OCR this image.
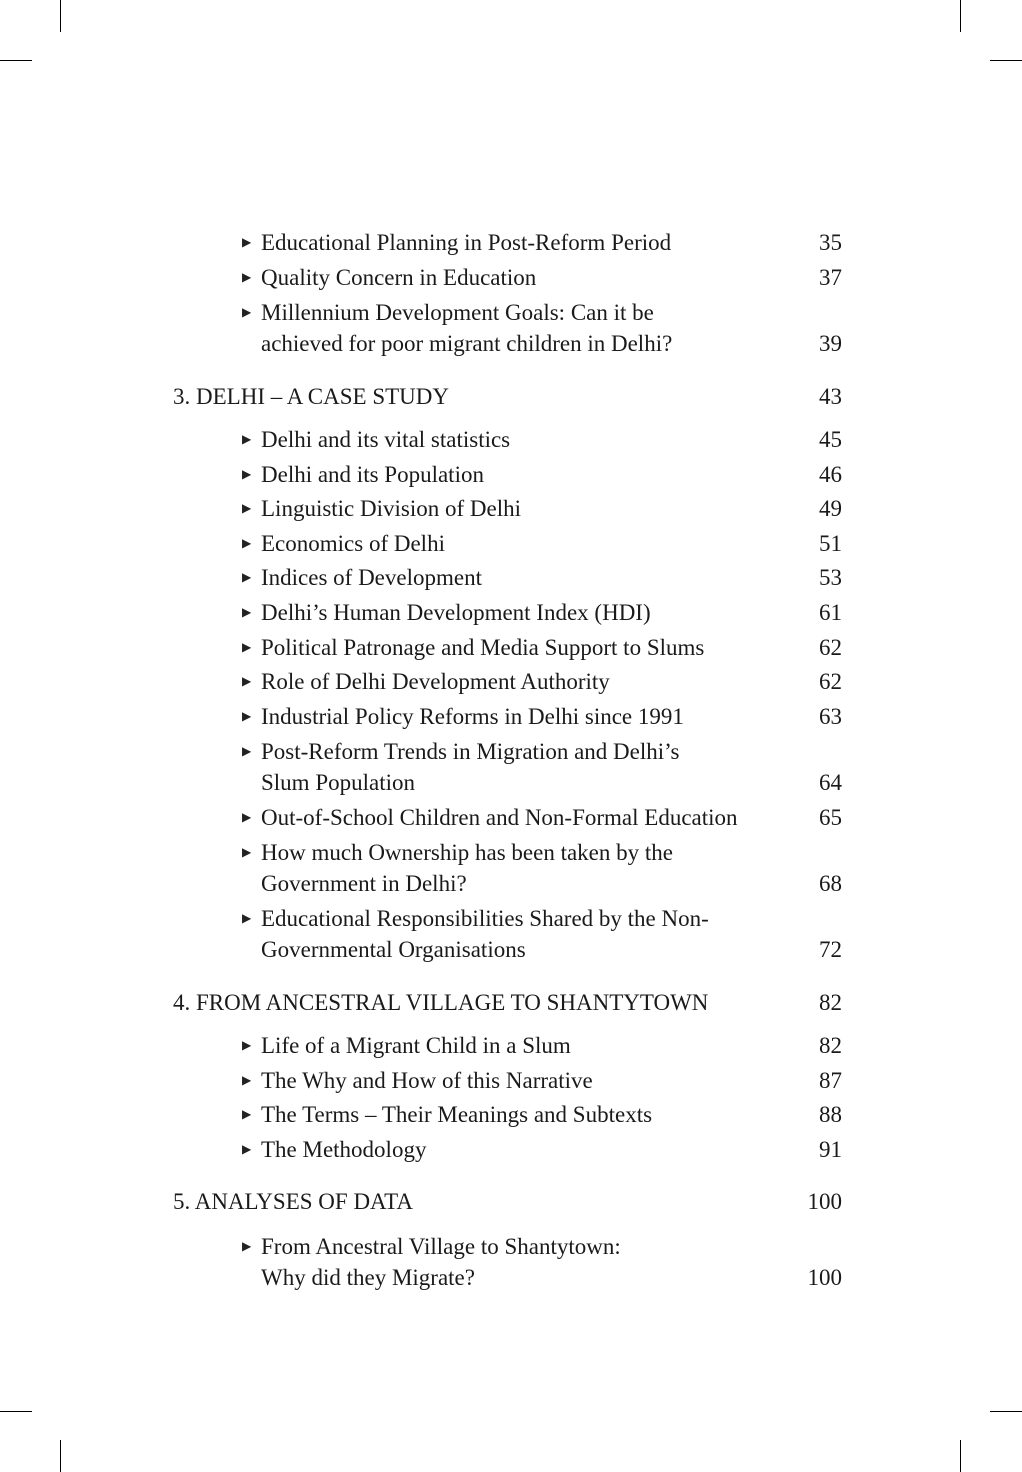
▶ Educational Planning in Post-Reform Period	35
▶ Quality Concern in Education	37
▶ Millennium Development Goals: Can it be
achieved for poor migrant children in Delhi?	39
3. DELHI – A CASE STUDY	43
▶ Delhi and its vital statistics	45
▶ Delhi and its Population	46
▶ Linguistic Division of Delhi	49
▶ Economics of Delhi	51
▶ Indices of Development	53
▶ Delhi’s Human Development Index (HDI)	61
▶ Political Patronage and Media Support to Slums	62
▶ Role of Delhi Development Authority	62
▶ Industrial Policy Reforms in Delhi since 1991	63
▶ Post-Reform Trends in Migration and Delhi’s
Slum Population	64
▶ Out-of-School Children and Non-Formal Education	65
▶ How much Ownership has been taken by the
Government in Delhi?	68
▶ Educational Responsibilities Shared by the Non-
Governmental Organisations	72
4. FROM ANCESTRAL VILLAGE TO SHANTYTOWN	82
▶ Life of a Migrant Child in a Slum	82
▶ The Why and How of this Narrative	87
▶ The Terms – Their Meanings and Subtexts	88
▶ The Methodology	91
5. ANALYSES OF DATA	100
▶ From Ancestral Village to Shantytown:
Why did they Migrate?	100
